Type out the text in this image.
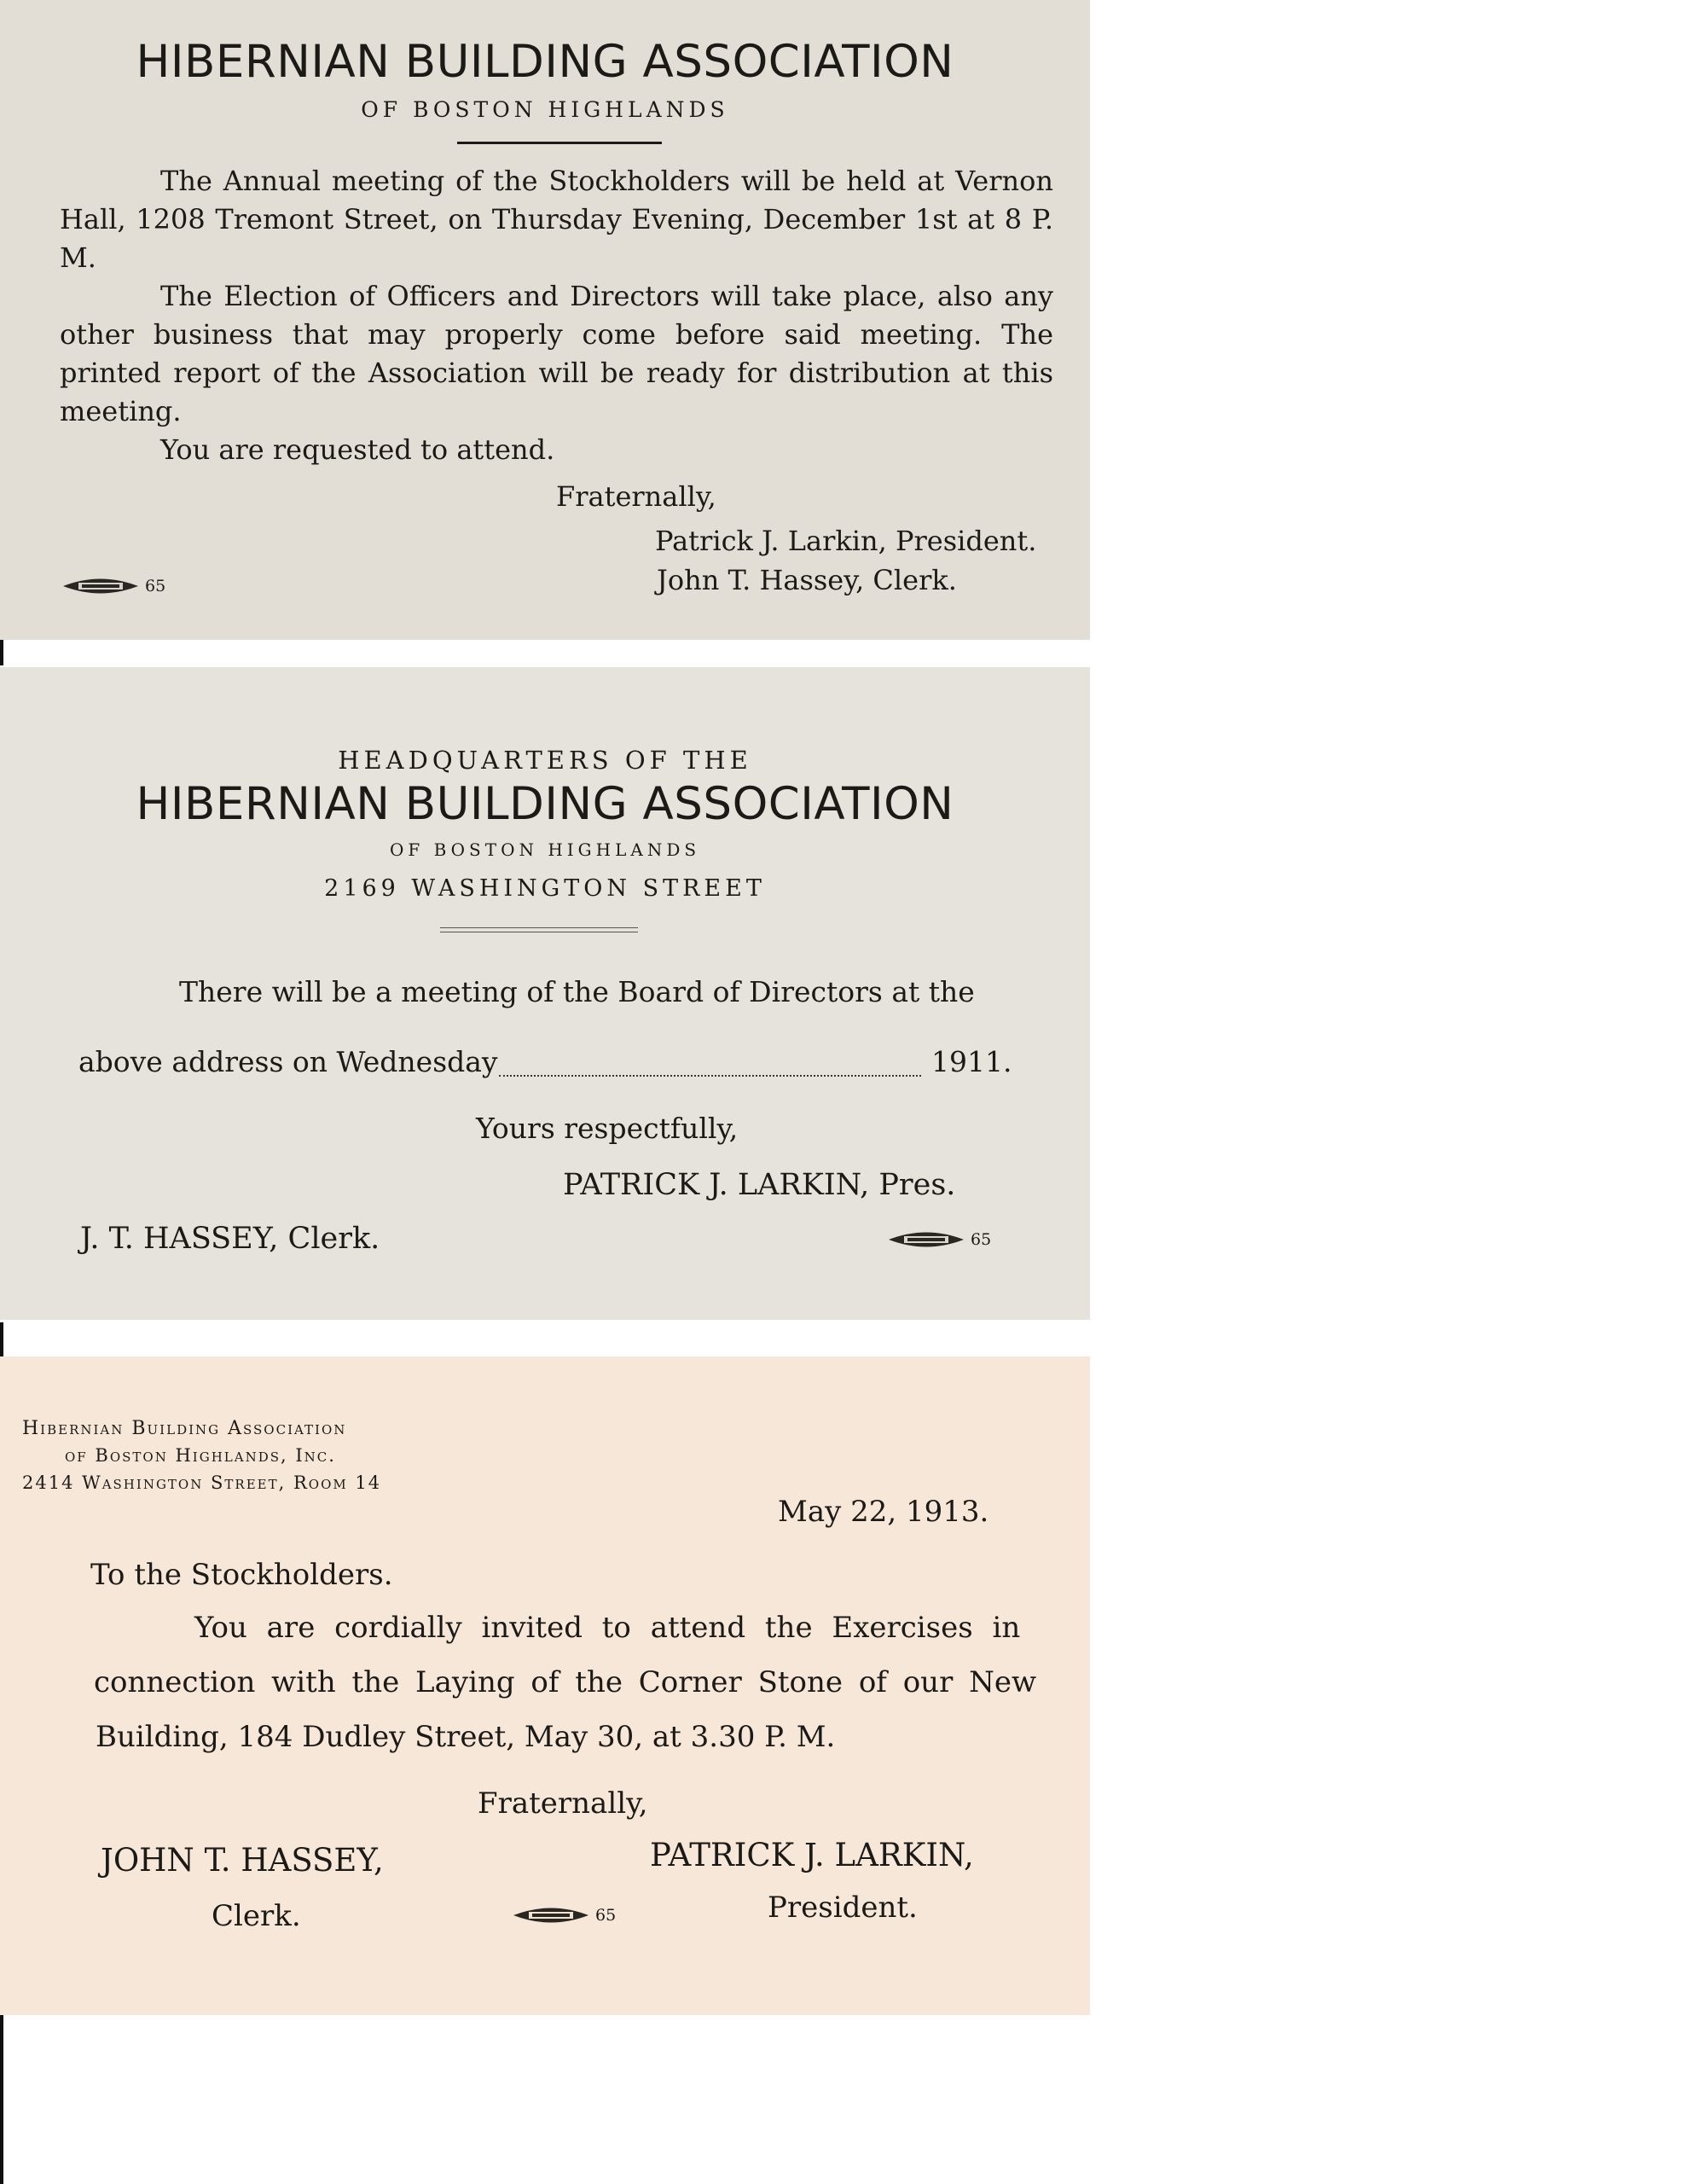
HIBERNIAN BUILDING ASSOCIATION
OF BOSTON HIGHLANDS

The Annual meeting of the Stockholders will be held at Vernon Hall, 1208 Tremont Street, on Thursday Evening, December 1st at 8 P. M.

The Election of Officers and Directors will take place, also any other business that may properly come before said meeting. The printed report of the Association will be ready for distribution at this meeting.

You are requested to attend.

Fraternally,
Patrick J. Larkin, President.
John T. Hassey, Clerk.
65
HEADQUARTERS OF THE
HIBERNIAN BUILDING ASSOCIATION
OF BOSTON HIGHLANDS
2169 WASHINGTON STREET
There will be a meeting of the Board of Directors at the
above address on Wednesday	1911.
Yours respectfully,
PATRICK J. LARKIN, Pres.
J. T. HASSEY, Clerk.	65
Hibernian Building Association
of Boston Highlands, Inc.
2414 Washington Street, Room 14
May 22, 1913.
To the Stockholders.
You are cordially invited to attend the Exercises in
connection with the Laying of the Corner Stone of our New
Building, 184 Dudley Street, May 30, at 3.30 P. M.
Fraternally,
JOHN T. HASSEY,
Clerk.
PATRICK J. LARKIN,
President.
65
